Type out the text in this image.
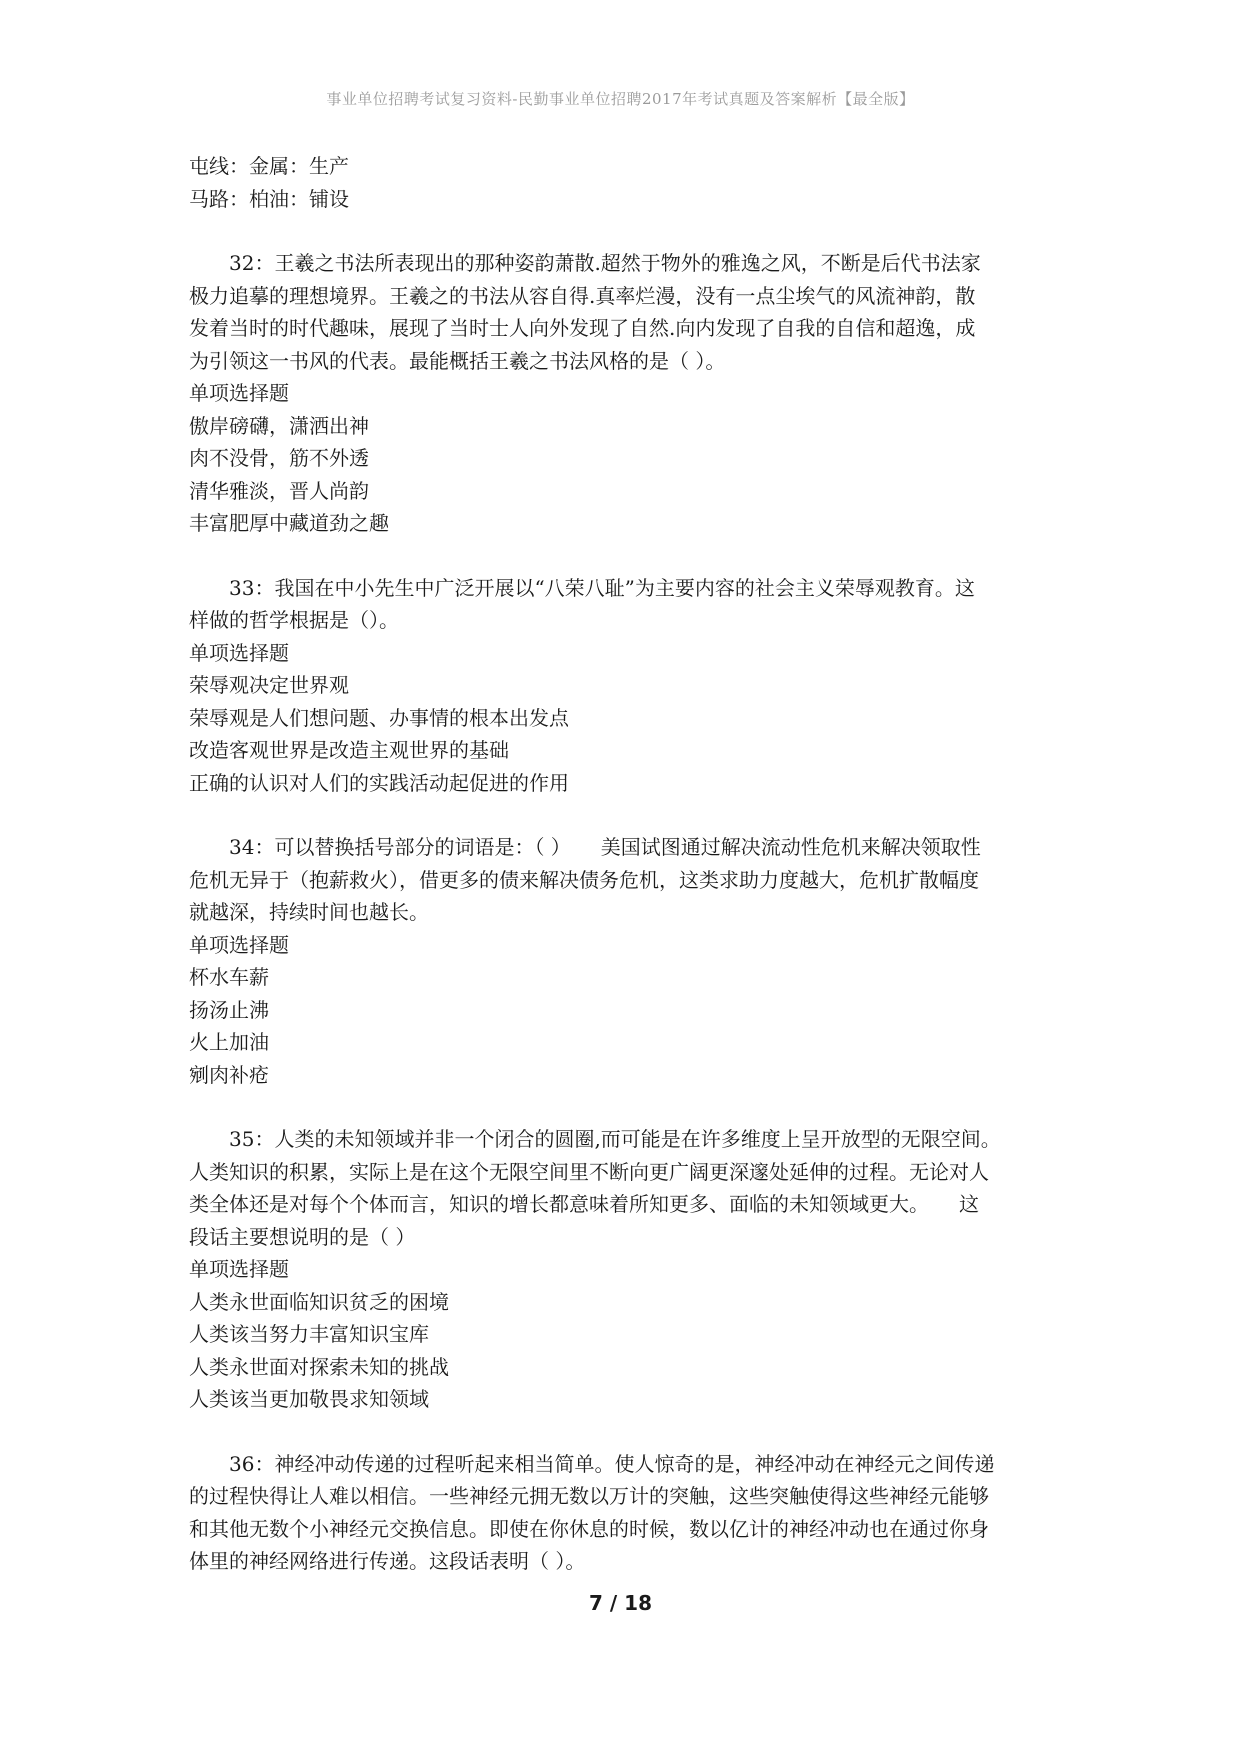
事业单位招聘考试复习资料-民勤事业单位招聘2017年考试真题及答案解析【最全版】
屯线：金属：生产
马路：柏油：铺设
32：王羲之书法所表现出的那种姿韵萧散.超然于物外的雅逸之风，不断是后代书法家
极力追摹的理想境界。王羲之的书法从容自得.真率烂漫，没有一点尘埃气的风流神韵，散
发着当时的时代趣味，展现了当时士人向外发现了自然.向内发现了自我的自信和超逸，成
为引领这一书风的代表。最能概括王羲之书法风格的是（ ）。
单项选择题
傲岸磅礴，潇洒出神
肉不没骨，筋不外透
清华雅淡，晋人尚韵
丰富肥厚中藏道劲之趣
33：我国在中小先生中广泛开展以“八荣八耻”为主要内容的社会主义荣辱观教育。这
样做的哲学根据是（）。
单项选择题
荣辱观决定世界观
荣辱观是人们想问题、办事情的根本出发点
改造客观世界是改造主观世界的基础
正确的认识对人们的实践活动起促进的作用
34：可以替换括号部分的词语是：（ ）　　美国试图通过解决流动性危机来解决领取性
危机无异于（抱薪救火），借更多的债来解决债务危机，这类求助力度越大，危机扩散幅度
就越深，持续时间也越长。
单项选择题
杯水车薪
扬汤止沸
火上加油
剜肉补疮
35：人类的未知领域并非一个闭合的圆圈,而可能是在许多维度上呈开放型的无限空间。
人类知识的积累，实际上是在这个无限空间里不断向更广阔更深邃处延伸的过程。无论对人
类全体还是对每个个体而言，知识的增长都意味着所知更多、面临的未知领域更大。　　这
段话主要想说明的是（ ）
单项选择题
人类永世面临知识贫乏的困境
人类该当努力丰富知识宝库
人类永世面对探索未知的挑战
人类该当更加敬畏求知领域
36：神经冲动传递的过程听起来相当简单。使人惊奇的是，神经冲动在神经元之间传递
的过程快得让人难以相信。一些神经元拥无数以万计的突触，这些突触使得这些神经元能够
和其他无数个小神经元交换信息。即使在你休息的时候，数以亿计的神经冲动也在通过你身
体里的神经网络进行传递。这段话表明（ ）。
7 / 18
